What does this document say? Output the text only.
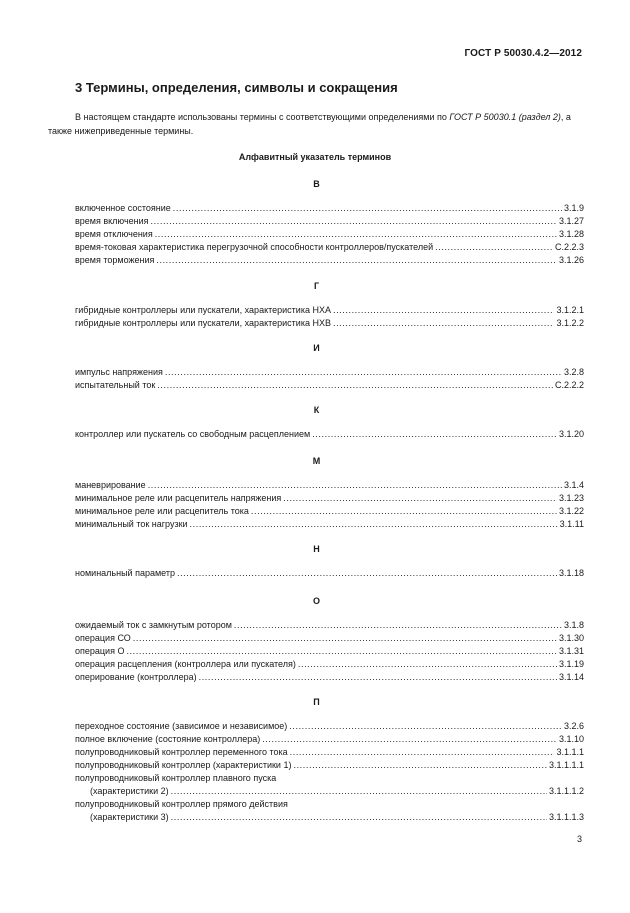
ГОСТ Р 50030.4.2—2012
3 Термины, определения, символы и сокращения

В настоящем стандарте использованы термины с соответствующими определениями по ГОСТ Р 50030.1 (раздел 2), а также нижеприведенные термины.

Алфавитный указатель терминов
В
включенное состояние .....	3.1.9
время включения .....	3.1.27
время отключения .....	3.1.28
время-токовая характеристика перегрузочной способности контроллеров/пускателей .....	С.2.2.3
время торможения .....	3.1.26
Г
гибридные контроллеры или пускатели, характеристика НХА .....	3.1.2.1
гибридные контроллеры или пускатели, характеристика НХВ .....	3.1.2.2
И
импульс напряжения .....	3.2.8
испытательный ток .....	С.2.2.2
К
контроллер или пускатель со свободным расцеплением .....	3.1.20
М
маневрирование .....	3.1.4
минимальное реле или расцепитель напряжения .....	3.1.23
минимальное реле или расцепитель тока .....	3.1.22
минимальный ток нагрузки .....	3.1.11
Н
номинальный параметр .....	3.1.18
О
ожидаемый ток с замкнутым ротором .....	3.1.8
операция СО .....	3.1.30
операция О .....	3.1.31
операция расцепления (контроллера или пускателя) .....	3.1.19
оперирование (контроллера) .....	3.1.14
П
переходное состояние (зависимое и независимое) .....	3.2.6
полное включение (состояние контроллера) .....	3.1.10
полупроводниковый контроллер переменного тока .....	3.1.1.1
полупроводниковый контроллер (характеристики 1) .....	3.1.1.1.1
полупроводниковый контроллер плавного пуска
(характеристики 2) .....	3.1.1.1.2
полупроводниковый контроллер прямого действия
(характеристики 3) .....	3.1.1.1.3
3
